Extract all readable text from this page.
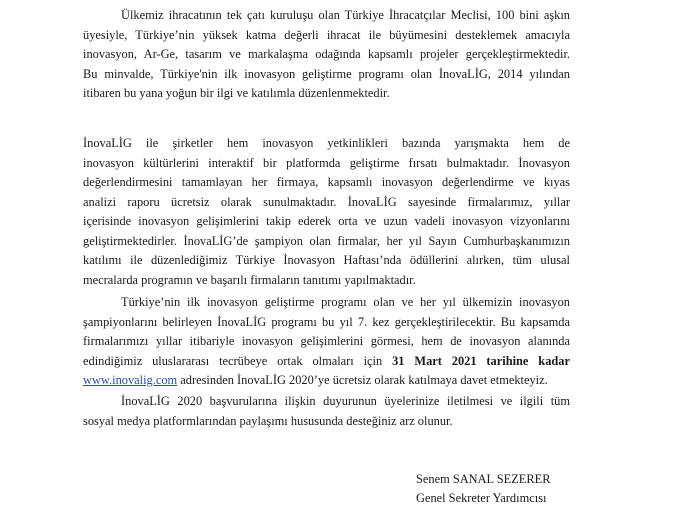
Ülkemiz ihracatının tek çatı kuruluşu olan Türkiye İhracatçılar Meclisi, 100 bini aşkın
üyesiyle, Türkiye’nin yüksek katma değerli ihracat ile büyümesini desteklemek amacıyla
inovasyon, Ar-Ge, tasarım ve markalaşma odağında kapsamlı projeler gerçekleştirmektedir.
Bu minvalde, Türkiye'nin ilk inovasyon geliştirme programı olan İnovaLİG, 2014 yılından
itibaren bu yana yoğun bir ilgi ve katılımla düzenlenmektedir.

İnovaLİG ile şirketler hem inovasyon yetkinlikleri bazında yarışmakta hem de
inovasyon kültürlerini interaktif bir platformda geliştirme fırsatı bulmaktadır. İnovasyon
değerlendirmesini tamamlayan her firmaya, kapsamlı inovasyon değerlendirme ve kıyas
analizi raporu ücretsiz olarak sunulmaktadır. İnovaLİG sayesinde firmalarımız, yıllar
içerisinde inovasyon gelişimlerini takip ederek orta ve uzun vadeli inovasyon vizyonlarını
geliştirmektedirler. İnovaLİG’de şampiyon olan firmalar, her yıl Sayın Cumhurbaşkanımızın
katılımı ile düzenlediğimiz Türkiye İnovasyon Haftası’nda ödüllerini alırken, tüm ulusal
mecralarda programın ve başarılı firmaların tanıtımı yapılmaktadır.

Türkiye’nin ilk inovasyon geliştirme programı olan ve her yıl ülkemizin inovasyon
şampiyonlarını belirleyen İnovaLİG programı bu yıl 7. kez gerçekleştirilecektir. Bu kapsamda
firmalarımızı yıllar itibariyle inovasyon gelişimlerini görmesi, hem de inovasyon alanında
edindiğimiz uluslararası tecrübeye ortak olmaları için 31 Mart 2021 tarihine kadar
www.inovalig.com adresinden İnovaLİG 2020’ye ücretsiz olarak katılmaya davet etmekteyiz.

İnovaLİG 2020 başvurularına ilişkin duyurunun üyelerinize iletilmesi ve ilgili tüm
sosyal medya platformlarından paylaşımı hususunda desteğiniz arz olunur.

Senem SANAL SEZERER
Genel Sekreter Yardımcısı
